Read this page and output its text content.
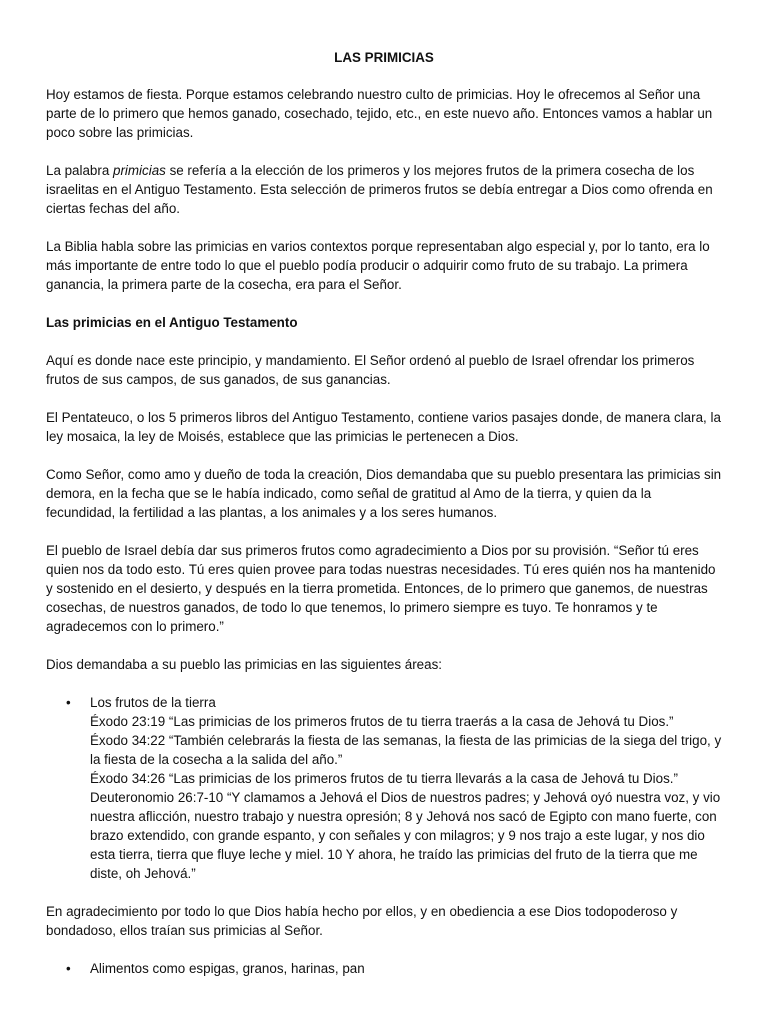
LAS PRIMICIAS

Hoy estamos de fiesta. Porque estamos celebrando nuestro culto de primicias. Hoy le ofrecemos al Señor una parte de lo primero que hemos ganado, cosechado, tejido, etc., en este nuevo año. Entonces vamos a hablar un poco sobre las primicias.

La palabra primicias se refería a la elección de los primeros y los mejores frutos de la primera cosecha de los israelitas en el Antiguo Testamento. Esta selección de primeros frutos se debía entregar a Dios como ofrenda en ciertas fechas del año.

La Biblia habla sobre las primicias en varios contextos porque representaban algo especial y, por lo tanto, era lo más importante de entre todo lo que el pueblo podía producir o adquirir como fruto de su trabajo. La primera ganancia, la primera parte de la cosecha, era para el Señor.

Las primicias en el Antiguo Testamento

Aquí es donde nace este principio, y mandamiento. El Señor ordenó al pueblo de Israel ofrendar los primeros frutos de sus campos, de sus ganados, de sus ganancias.

El Pentateuco, o los 5 primeros libros del Antiguo Testamento, contiene varios pasajes donde, de manera clara, la ley mosaica, la ley de Moisés, establece que las primicias le pertenecen a Dios.

Como Señor, como amo y dueño de toda la creación, Dios demandaba que su pueblo presentara las primicias sin demora, en la fecha que se le había indicado, como señal de gratitud al Amo de la tierra, y quien da la fecundidad, la fertilidad a las plantas, a los animales y a los seres humanos.

El pueblo de Israel debía dar sus primeros frutos como agradecimiento a Dios por su provisión. “Señor tú eres quien nos da todo esto. Tú eres quien provee para todas nuestras necesidades. Tú eres quién nos ha mantenido y sostenido en el desierto, y después en la tierra prometida. Entonces, de lo primero que ganemos, de nuestras cosechas, de nuestros ganados, de todo lo que tenemos, lo primero siempre es tuyo. Te honramos y te agradecemos con lo primero.”

Dios demandaba a su pueblo las primicias en las siguientes áreas:

• Los frutos de la tierra
Éxodo 23:19 “Las primicias de los primeros frutos de tu tierra traerás a la casa de Jehová tu Dios.”
Éxodo 34:22 “También celebrarás la fiesta de las semanas, la fiesta de las primicias de la siega del trigo, y la fiesta de la cosecha a la salida del año.”
Éxodo 34:26 “Las primicias de los primeros frutos de tu tierra llevarás a la casa de Jehová tu Dios.”
Deuteronomio 26:7-10 “Y clamamos a Jehová el Dios de nuestros padres; y Jehová oyó nuestra voz, y vio nuestra aflicción, nuestro trabajo y nuestra opresión; 8 y Jehová nos sacó de Egipto con mano fuerte, con brazo extendido, con grande espanto, y con señales y con milagros; y 9 nos trajo a este lugar, y nos dio esta tierra, tierra que fluye leche y miel. 10 Y ahora, he traído las primicias del fruto de la tierra que me diste, oh Jehová.”

En agradecimiento por todo lo que Dios había hecho por ellos, y en obediencia a ese Dios todopoderoso y bondadoso, ellos traían sus primicias al Señor.

• Alimentos como espigas, granos, harinas, pan
